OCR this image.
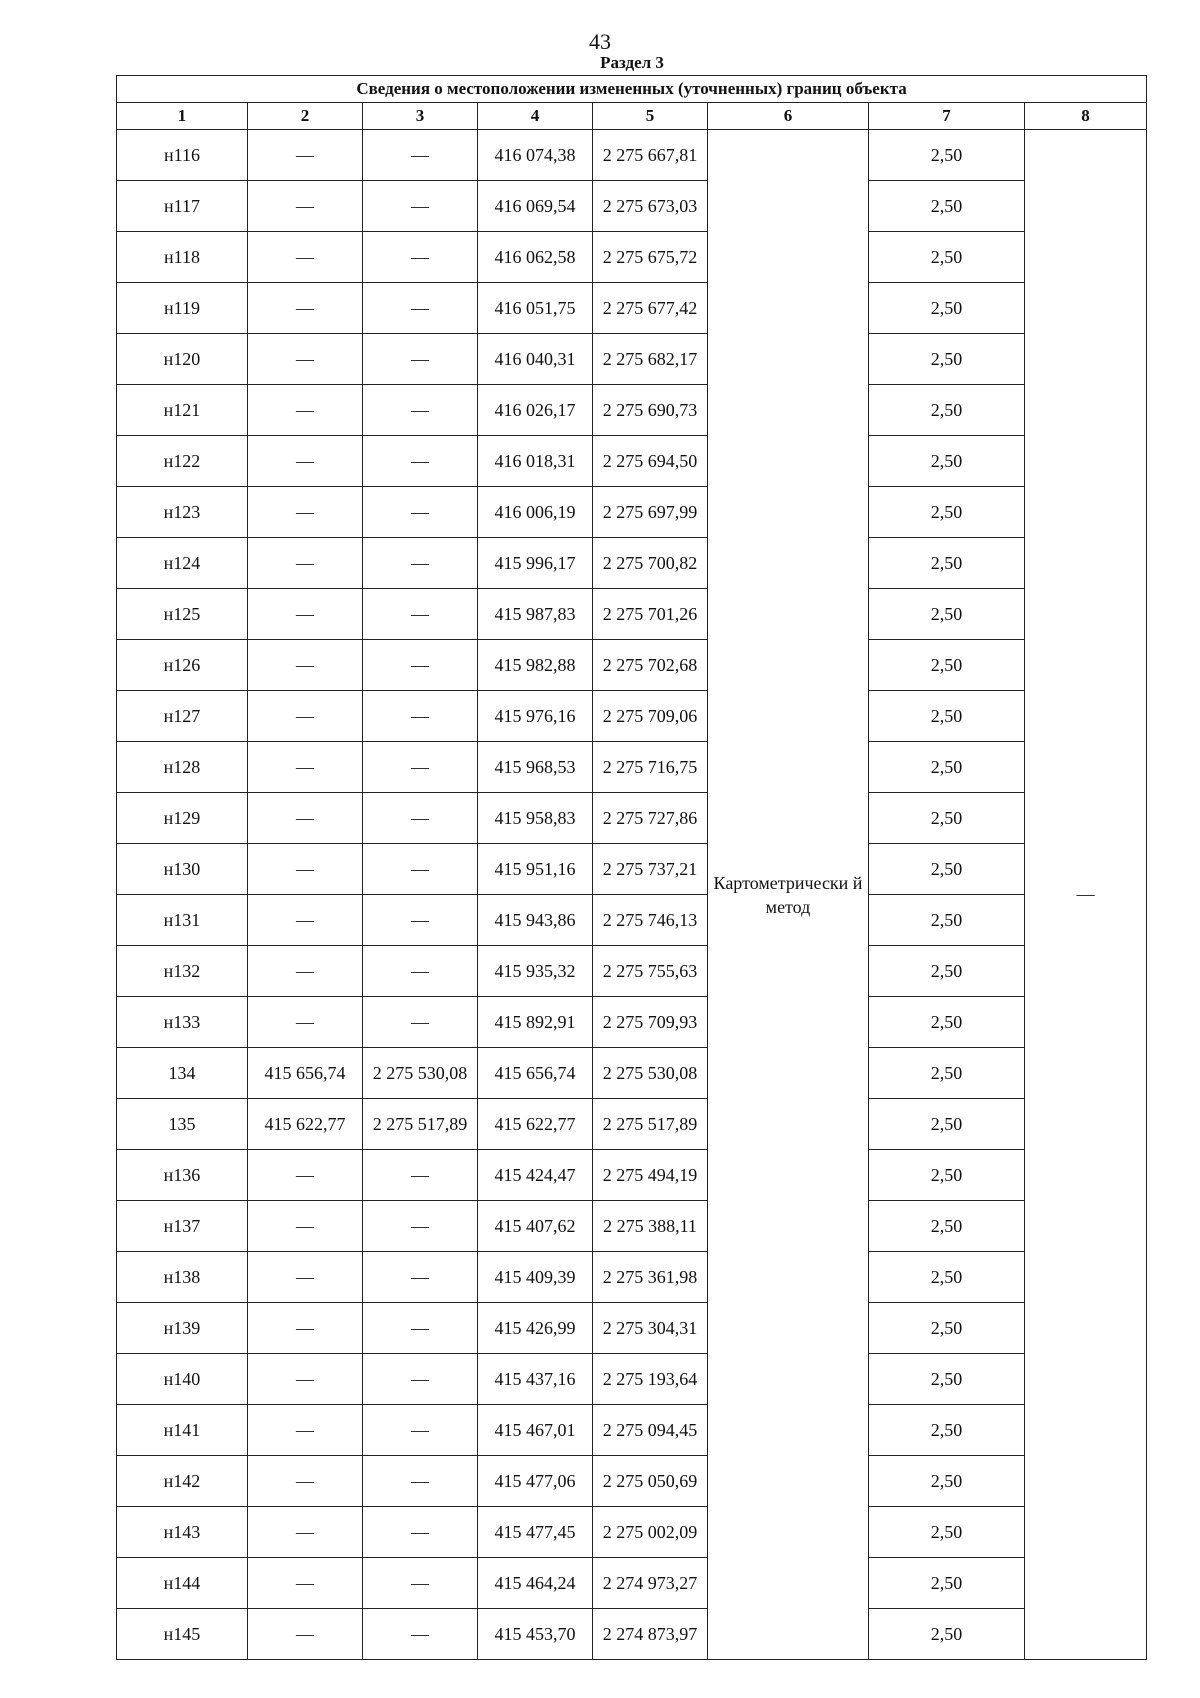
43
Раздел 3
Сведения о местоположении измененных (уточненных) границ объекта							
1	2	3	4	5	6	7	8
н116	—	—	416 074,38	2 275 667,81	Картометрически й метод	2,50	—
н117	—	—	416 069,54	2 275 673,03		2,50	
н118	—	—	416 062,58	2 275 675,72		2,50	
н119	—	—	416 051,75	2 275 677,42		2,50	
н120	—	—	416 040,31	2 275 682,17		2,50	
н121	—	—	416 026,17	2 275 690,73		2,50	
н122	—	—	416 018,31	2 275 694,50		2,50	
н123	—	—	416 006,19	2 275 697,99		2,50	
н124	—	—	415 996,17	2 275 700,82		2,50	
н125	—	—	415 987,83	2 275 701,26		2,50	
н126	—	—	415 982,88	2 275 702,68		2,50	
н127	—	—	415 976,16	2 275 709,06		2,50	
н128	—	—	415 968,53	2 275 716,75		2,50	
н129	—	—	415 958,83	2 275 727,86		2,50	
н130	—	—	415 951,16	2 275 737,21		2,50	
н131	—	—	415 943,86	2 275 746,13		2,50	
н132	—	—	415 935,32	2 275 755,63		2,50	
н133	—	—	415 892,91	2 275 709,93		2,50	
134	415 656,74	2 275 530,08	415 656,74	2 275 530,08		2,50	
135	415 622,77	2 275 517,89	415 622,77	2 275 517,89		2,50	
н136	—	—	415 424,47	2 275 494,19		2,50	
н137	—	—	415 407,62	2 275 388,11		2,50	
н138	—	—	415 409,39	2 275 361,98		2,50	
н139	—	—	415 426,99	2 275 304,31		2,50	
н140	—	—	415 437,16	2 275 193,64		2,50	
н141	—	—	415 467,01	2 275 094,45		2,50	
н142	—	—	415 477,06	2 275 050,69		2,50	
н143	—	—	415 477,45	2 275 002,09		2,50	
н144	—	—	415 464,24	2 274 973,27		2,50	
н145	—	—	415 453,70	2 274 873,97		2,50	
